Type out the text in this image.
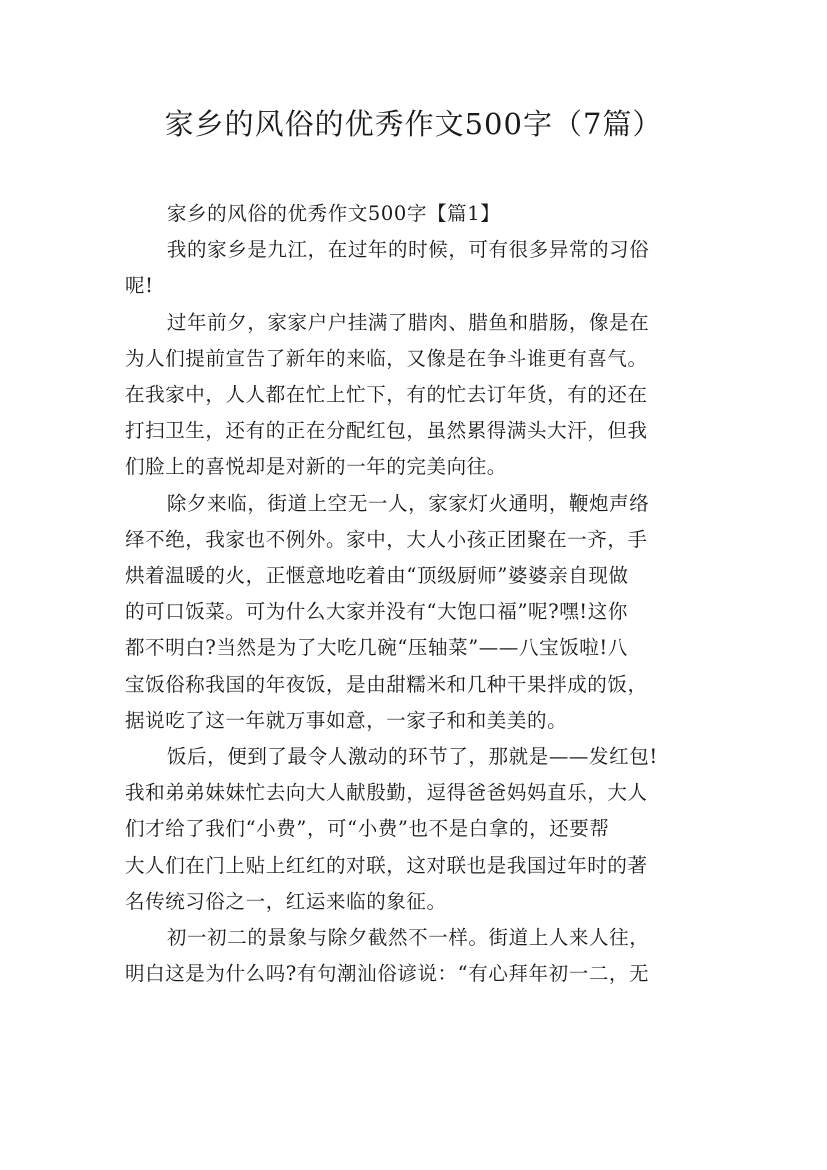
家乡的风俗的优秀作文500字（7篇）

家乡的风俗的优秀作文500字【篇1】

我的家乡是九江，在过年的时候，可有很多异常的习俗
呢!

过年前夕，家家户户挂满了腊肉、腊鱼和腊肠，像是在
为人们提前宣告了新年的来临，又像是在争斗谁更有喜气。
在我家中，人人都在忙上忙下，有的忙去订年货，有的还在
打扫卫生，还有的正在分配红包，虽然累得满头大汗，但我
们脸上的喜悦却是对新的一年的完美向往。

除夕来临，街道上空无一人，家家灯火通明，鞭炮声络
绎不绝，我家也不例外。家中，大人小孩正团聚在一齐，手
烘着温暖的火，正惬意地吃着由“顶级厨师”婆婆亲自现做
的可口饭菜。可为什么大家并没有“大饱口福”呢?嘿!这你
都不明白?当然是为了大吃几碗“压轴菜”——八宝饭啦!八
宝饭俗称我国的年夜饭，是由甜糯米和几种干果拌成的饭，
据说吃了这一年就万事如意，一家子和和美美的。

饭后，便到了最令人激动的环节了，那就是——发红包!
我和弟弟妹妹忙去向大人献殷勤，逗得爸爸妈妈直乐，大人
们才给了我们“小费”，可“小费”也不是白拿的，还要帮
大人们在门上贴上红红的对联，这对联也是我国过年时的著
名传统习俗之一，红运来临的象征。

初一初二的景象与除夕截然不一样。街道上人来人往，
明白这是为什么吗?有句潮汕俗谚说：“有心拜年初一二，无
